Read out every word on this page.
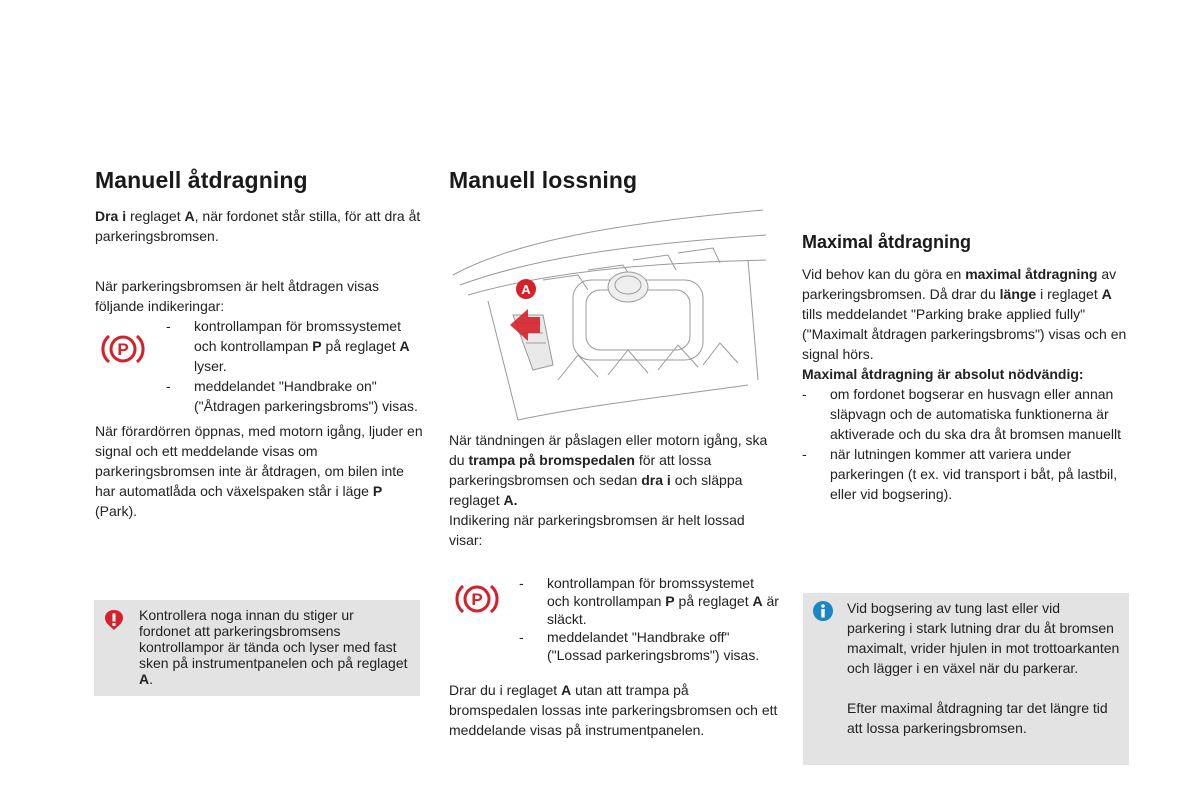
Manuell åtdragning

Dra i reglaget A, när fordonet står stilla, för att dra åt parkeringsbromsen.

När parkeringsbromsen är helt åtdragen visas följande indikeringar:

- kontrollampan för bromssystemet och kontrollampan P på reglaget A lyser.
- meddelandet "Handbrake on" ("Åtdragen parkeringsbroms") visas.

När förardörren öppnas, med motorn igång, ljuder en signal och ett meddelande visas om parkeringsbromsen inte är åtdragen, om bilen inte har automatlåda och växelspaken står i läge P (Park).

P

Kontrollera noga innan du stiger ur fordonet att parkeringsbromsens kontrollampor är tända och lyser med fast sken på instrumentpanelen och på reglaget A.

Manuell lossning
A

När tändningen är påslagen eller motorn igång, ska du trampa på bromspedalen för att lossa parkeringsbromsen och sedan dra i och släppa reglaget A.

Indikering när parkeringsbromsen är helt lossad visar:

- kontrollampan för bromssystemet och kontrollampan P på reglaget A är släckt.
- meddelandet "Handbrake off" ("Lossad parkeringsbroms") visas.

Drar du i reglaget A utan att trampa på bromspedalen lossas inte parkeringsbromsen och ett meddelande visas på instrumentpanelen.

P
Maximal åtdragning

Vid behov kan du göra en maximal åtdragning av parkeringsbromsen. Då drar du länge i reglaget A tills meddelandet "Parking brake applied fully" ("Maximalt åtdragen parkeringsbroms") visas och en signal hörs.

Maximal åtdragning är absolut nödvändig:

- om fordonet bogserar en husvagn eller annan släpvagn och de automatiska funktionerna är aktiverade och du ska dra åt bromsen manuellt
- när lutningen kommer att variera under parkeringen (t ex. vid transport i båt, på lastbil, eller vid bogsering).

Vid bogsering av tung last eller vid parkering i stark lutning drar du åt bromsen maximalt, vrider hjulen in mot trottoarkanten och lägger i en växel när du parkerar.

Efter maximal åtdragning tar det längre tid att lossa parkeringsbromsen.
